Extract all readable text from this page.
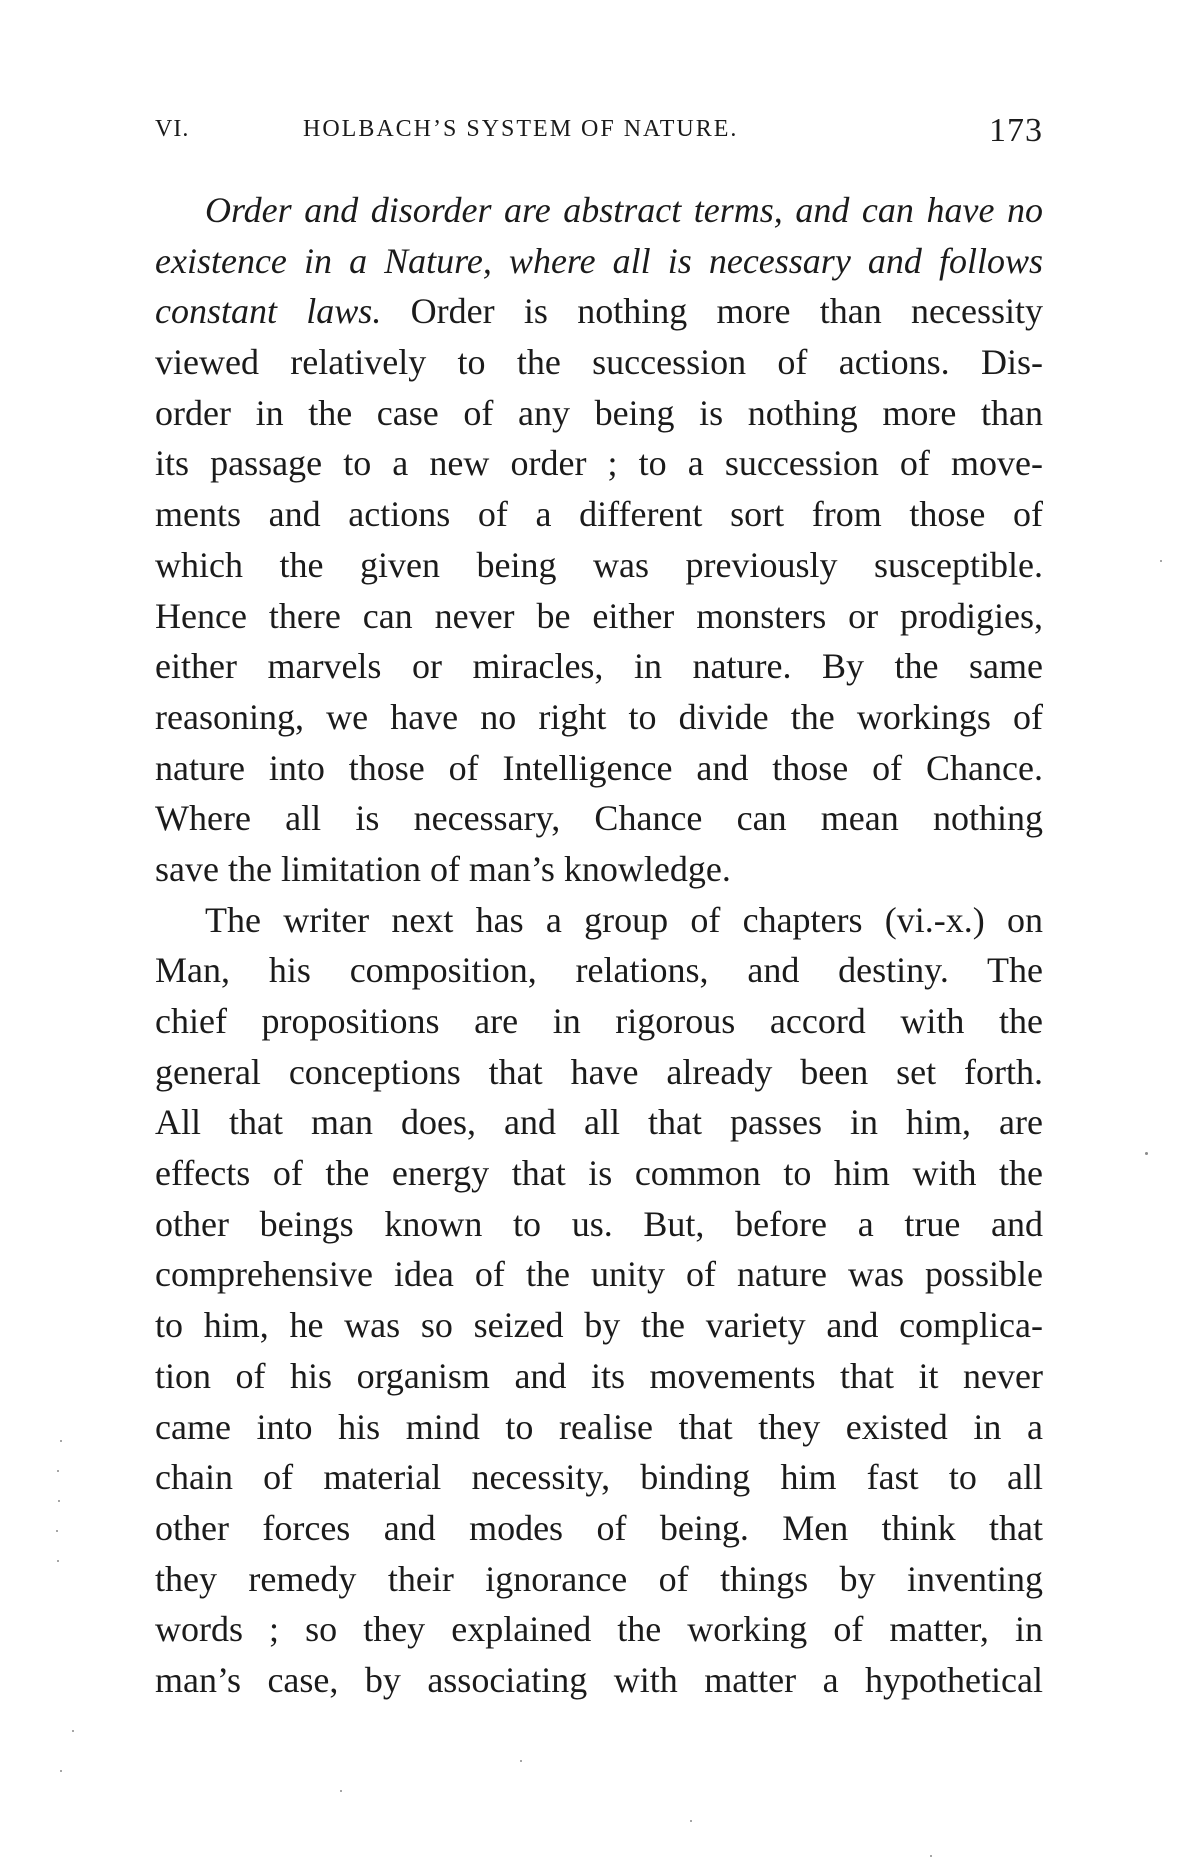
VI.	HOLBACH’S SYSTEM OF NATURE.	173
Order and disorder are abstract terms, and can have no
existence in a Nature, where all is necessary and follows
constant laws. Order is nothing more than necessity
viewed relatively to the succession of actions. Dis-
order in the case of any being is nothing more than
its passage to a new order ; to a succession of move-
ments and actions of a different sort from those of
which the given being was previously susceptible.
Hence there can never be either monsters or prodigies,
either marvels or miracles, in nature. By the same
reasoning, we have no right to divide the workings of
nature into those of Intelligence and those of Chance.
Where all is necessary, Chance can mean nothing
save the limitation of man’s knowledge.
The writer next has a group of chapters (vi.-x.) on
Man, his composition, relations, and destiny. The
chief propositions are in rigorous accord with the
general conceptions that have already been set forth.
All that man does, and all that passes in him, are
effects of the energy that is common to him with the
other beings known to us. But, before a true and
comprehensive idea of the unity of nature was possible
to him, he was so seized by the variety and complica-
tion of his organism and its movements that it never
came into his mind to realise that they existed in a
chain of material necessity, binding him fast to all
other forces and modes of being. Men think that
they remedy their ignorance of things by inventing
words ; so they explained the working of matter, in
man’s case, by associating with matter a hypothetical
